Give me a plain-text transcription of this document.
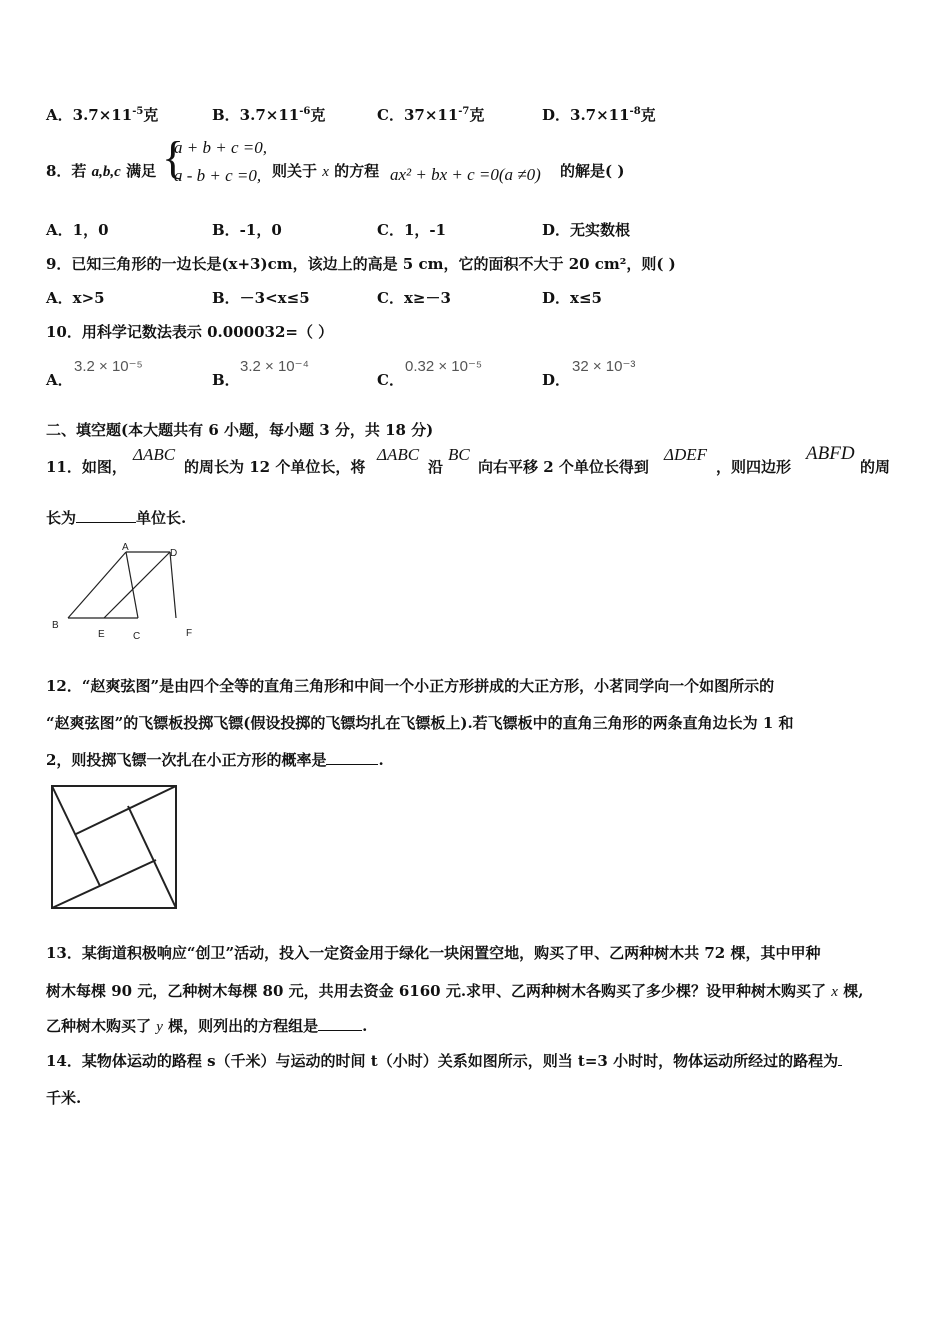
A．$3.7\times 11^{-5}$克	B．$3.7\times 11^{-6}$克	C．$37\times 11^{-7}$克	D．$3.7\times 11^{-8}$克
8．若 a,b,c 满足 {
a + b + c =0,
a - b + c =0, 则关于 x 的方程 ax² + bx + c =0(a ≠0) 的解是( )
A．1，0	B．-1，0	C．1，-1	D．无实数根
9．已知三角形的一边长是(x+3)cm，该边上的高是 5 cm，它的面积不大于 20 cm²，则( )
A．x>5	B．－3<x≤5	C．x≥－3	D．x≤5
10．用科学记数法表示 0.000032=（ ）
A．
3.2 × 10⁻⁵
B．
3.2 × 10⁻⁴
C．
0.32 × 10⁻⁵
D．
32 × 10⁻³
二、填空题(本大题共有 6 小题，每小题 3 分，共 18 分)
11．如图，
ΔABC
的周长为 12 个单位长，将
ΔABC
沿
BC
向右平移 2 个单位长得到
ΔDEF
，则四边形
ABFD
的周
长为	单位长.
A
D
B
E	C	F
12．“赵爽弦图”是由四个全等的直角三角形和中间一个小正方形拼成的大正方形，小茗同学向一个如图所示的
“赵爽弦图”的飞镖板投掷飞镖(假设投掷的飞镖均扎在飞镖板上).若飞镖板中的直角三角形的两条直角边长为 1 和
2，则投掷飞镖一次扎在小正方形的概率是	.
13．某街道积极响应“创卫”活动，投入一定资金用于绿化一块闲置空地，购买了甲、乙两种树木共 72 棵，其中甲种
树木每棵 90 元，乙种树木每棵 80 元，共用去资金 6160 元.求甲、乙两种树木各购买了多少棵？设甲种树木购买了 x 棵,
乙种树木购买了 y 棵，则列出的方程组是	.
14．某物体运动的路程 s（千米）与运动的时间 t（小时）关系如图所示，则当 t=3 小时时，物体运动所经过的路程为
千米.
